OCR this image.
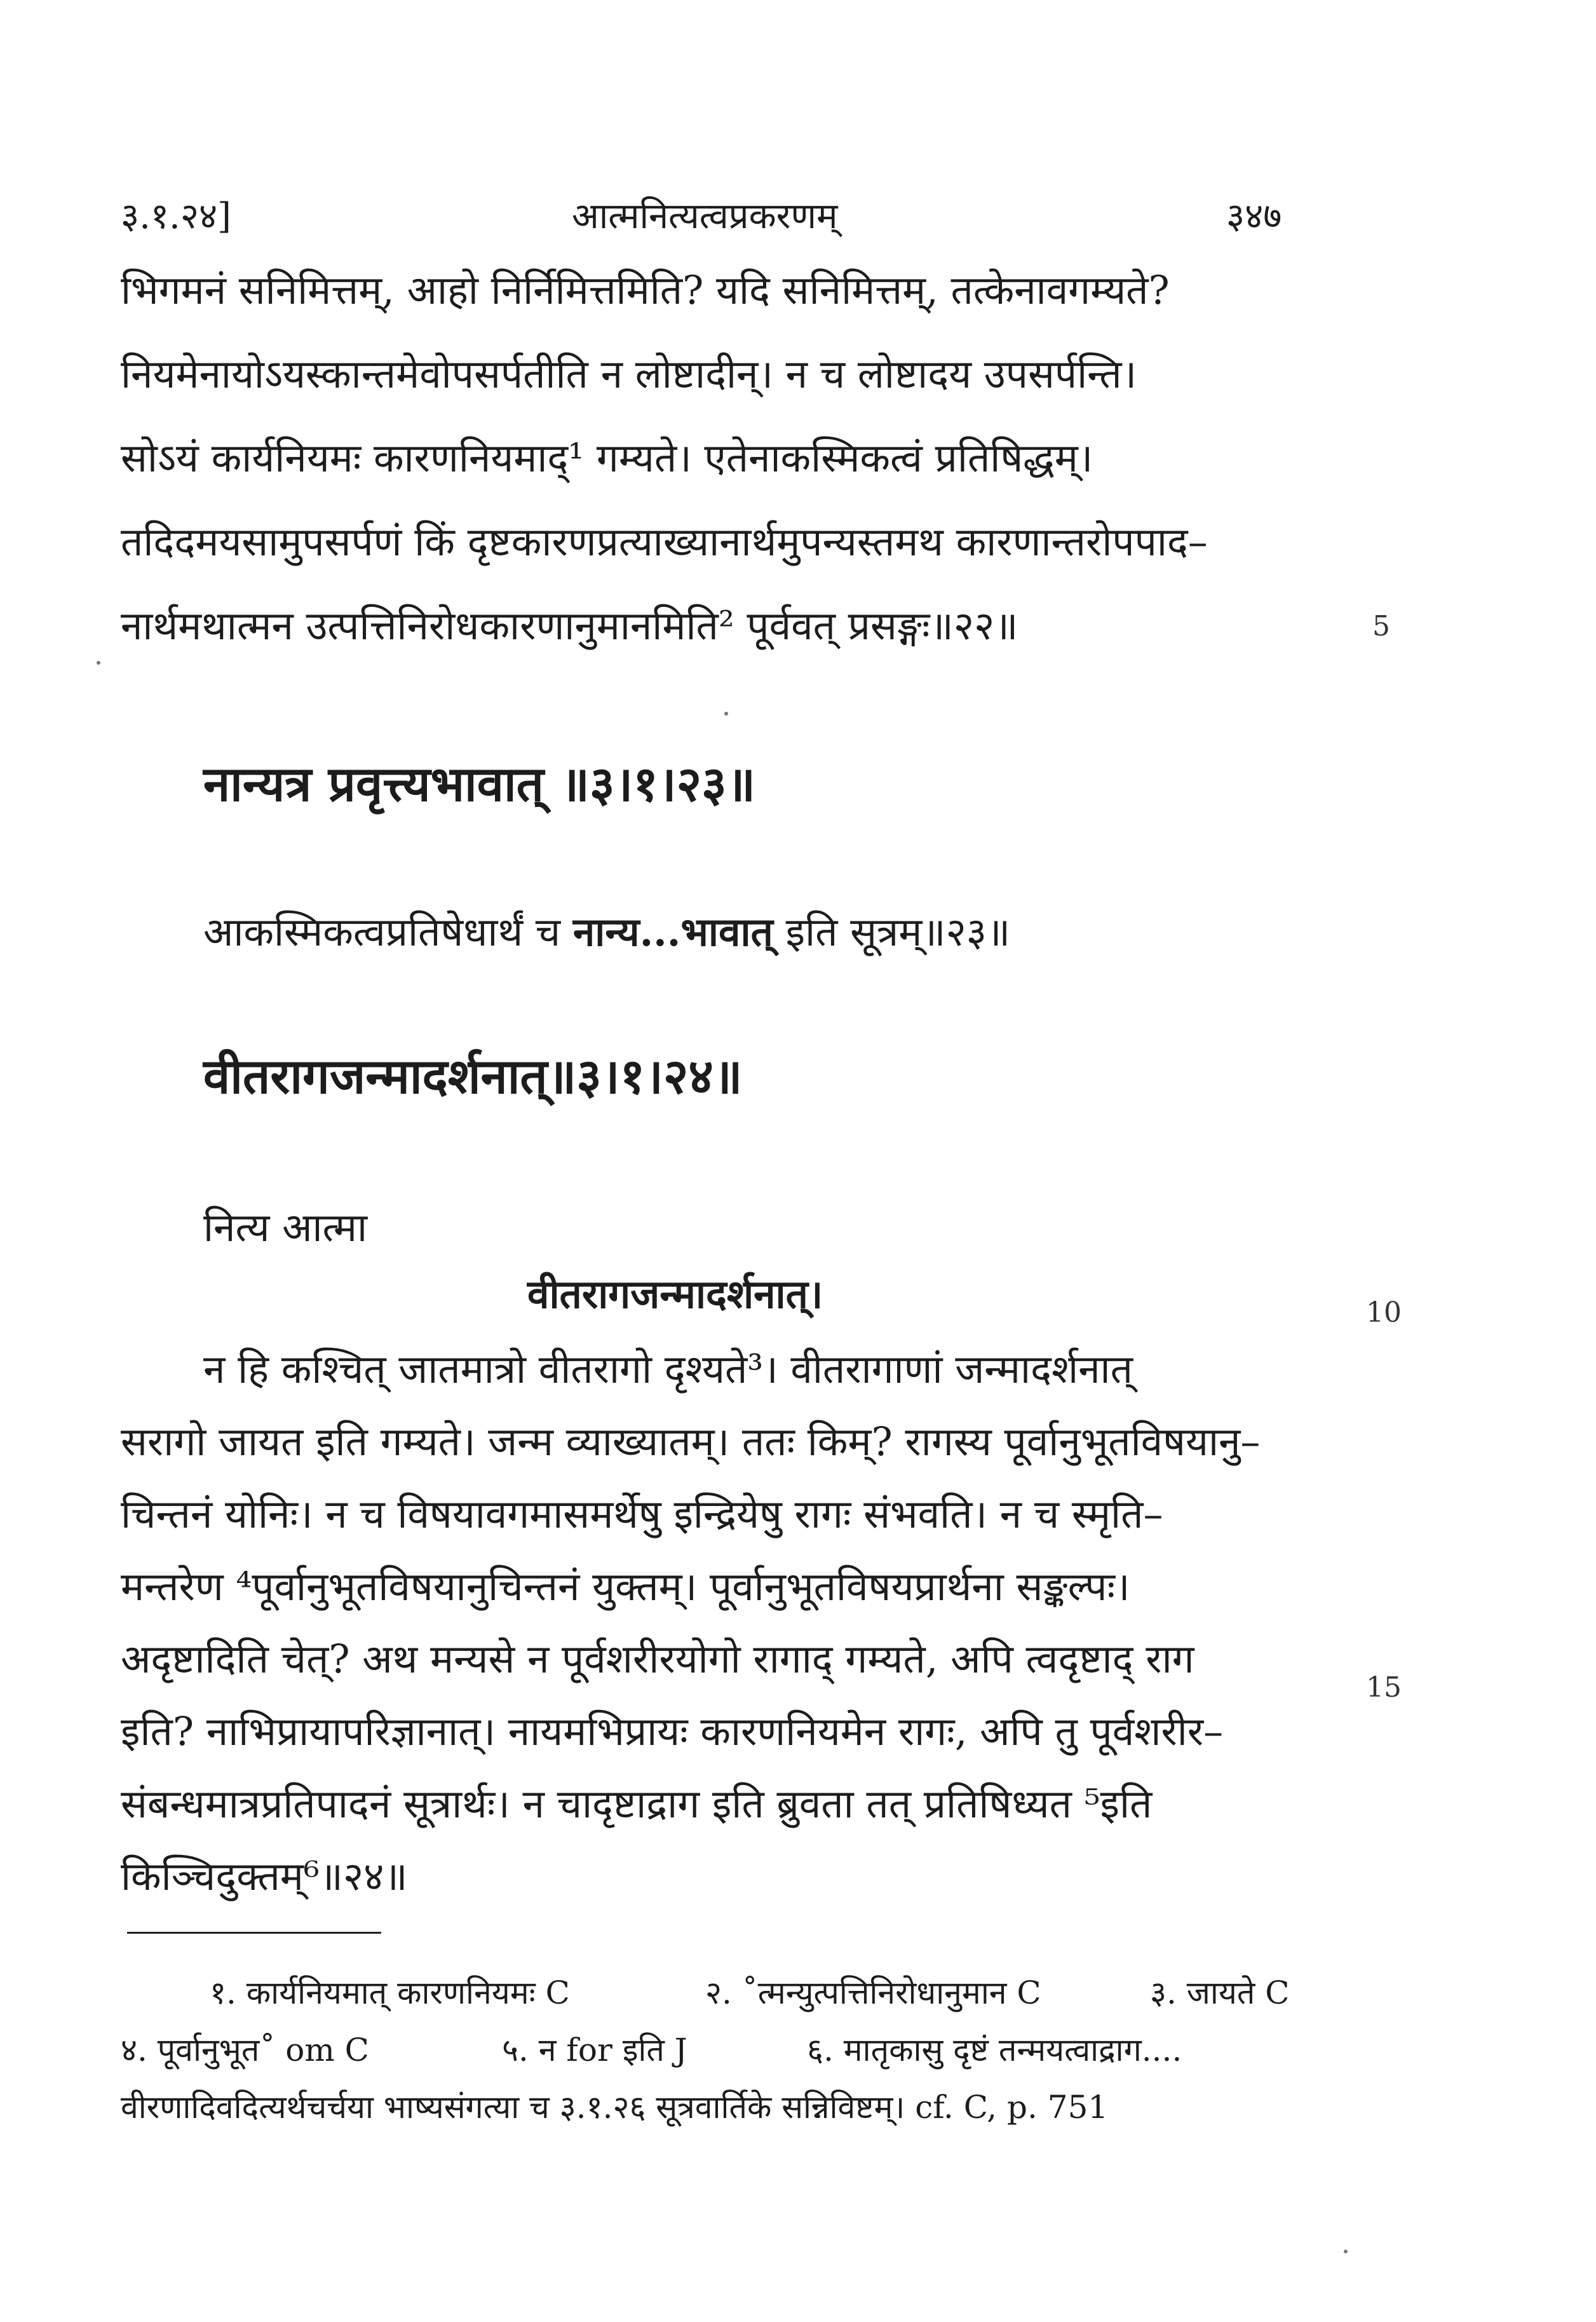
३.१.२४]	आत्मनित्यत्वप्रकरणम्	३४७
भिगमनं सनिमित्तम्, आहो निर्निमित्तमिति? यदि सनिमित्तम्, तत्केनावगम्यते?
नियमेनायोऽयस्कान्तमेवोपसर्पतीति न लोष्टादीन्। न च लोष्टादय उपसर्पन्ति।
सोऽयं कार्यनियमः कारणनियमाद्¹ गम्यते। एतेनाकस्मिकत्वं प्रतिषिद्धम्।
तदिदमयसामुपसर्पणं किं दृष्टकारणप्रत्याख्यानार्थमुपन्यस्तमथ कारणान्तरोपपाद–
नार्थमथात्मन उत्पत्तिनिरोधकारणानुमानमिति² पूर्ववत् प्रसङ्गः॥२२॥	5
नान्यत्र प्रवृत्त्यभावात् ॥३।१।२३॥
आकस्मिकत्वप्रतिषेधार्थं च नान्य...भावात् इति सूत्रम्॥२३॥
वीतरागजन्मादर्शनात्॥३।१।२४॥
नित्य आत्मा
वीतरागजन्मादर्शनात्।	10
न हि कश्चित् जातमात्रो वीतरागो दृश्यते³। वीतरागाणां जन्मादर्शनात्
सरागो जायत इति गम्यते। जन्म व्याख्यातम्। ततः किम्? रागस्य पूर्वानुभूतविषयानु–
चिन्तनं योनिः। न च विषयावगमासमर्थेषु इन्द्रियेषु रागः संभवति। न च स्मृति–
मन्तरेण ⁴पूर्वानुभूतविषयानुचिन्तनं युक्तम्। पूर्वानुभूतविषयप्रार्थना सङ्कल्पः।
अदृष्टादिति चेत्? अथ मन्यसे न पूर्वशरीरयोगो रागाद् गम्यते, अपि त्वदृष्टाद् राग
15
इति? नाभिप्रायापरिज्ञानात्। नायमभिप्रायः कारणनियमेन रागः, अपि तु पूर्वशरीर–
संबन्धमात्रप्रतिपादनं सूत्रार्थः। न चादृष्टाद्राग इति ब्रुवता तत् प्रतिषिध्यत ⁵इति
किञ्चिदुक्तम्⁶॥२४॥
१. कार्यनियमात् कारणनियमः C	२. ˚त्मन्युत्पत्तिनिरोधानुमान C	३. जायते C
४. पूर्वानुभूत˚ om C	५. न for इति J	६. मातृकासु दृष्टं तन्मयत्वाद्राग....
वीरणादिवदित्यर्थचर्चया भाष्यसंगत्या च ३.१.२६ सूत्रवार्तिके सन्निविष्टम्। cf. C, p. 751
